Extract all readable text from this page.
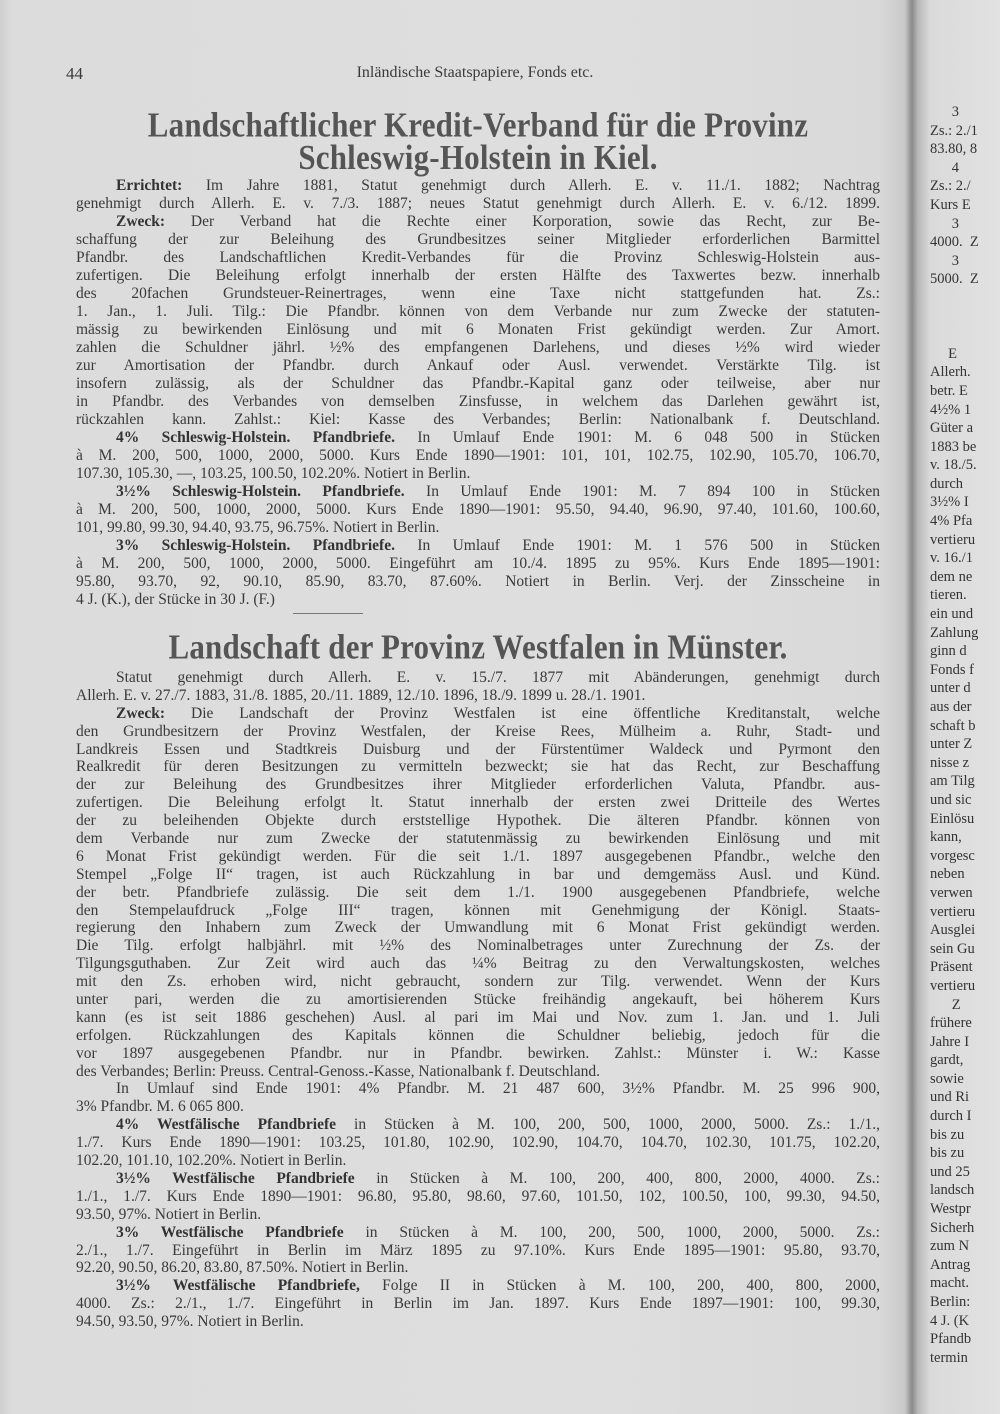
44	Inländische Staatspapiere, Fonds etc.
Landschaftlicher Kredit-Verband für die Provinz
Schleswig-Holstein in Kiel.
Errichtet: Im Jahre 1881, Statut genehmigt durch Allerh. E. v. 11./1. 1882; Nachtrag
genehmigt durch Allerh. E. v. 7./3. 1887; neues Statut genehmigt durch Allerh. E. v. 6./12. 1899.
Zweck: Der Verband hat die Rechte einer Korporation, sowie das Recht, zur Be-
schaffung der zur Beleihung des Grundbesitzes seiner Mitglieder erforderlichen Barmittel
Pfandbr. des Landschaftlichen Kredit-Verbandes für die Provinz Schleswig-Holstein aus-
zufertigen. Die Beleihung erfolgt innerhalb der ersten Hälfte des Taxwertes bezw. innerhalb
des 20fachen Grundsteuer-Reinertrages, wenn eine Taxe nicht stattgefunden hat. Zs.:
1. Jan., 1. Juli. Tilg.: Die Pfandbr. können von dem Verbande nur zum Zwecke der statuten-
mässig zu bewirkenden Einlösung und mit 6 Monaten Frist gekündigt werden. Zur Amort.
zahlen die Schuldner jährl. ½% des empfangenen Darlehens, und dieses ½% wird wieder
zur Amortisation der Pfandbr. durch Ankauf oder Ausl. verwendet. Verstärkte Tilg. ist
insofern zulässig, als der Schuldner das Pfandbr.-Kapital ganz oder teilweise, aber nur
in Pfandbr. des Verbandes von demselben Zinsfusse, in welchem das Darlehen gewährt ist,
rückzahlen kann. Zahlst.: Kiel: Kasse des Verbandes; Berlin: Nationalbank f. Deutschland.
4% Schleswig-Holstein. Pfandbriefe. In Umlauf Ende 1901: M. 6 048 500 in Stücken
à M. 200, 500, 1000, 2000, 5000. Kurs Ende 1890—1901: 101, 101, 102.75, 102.90, 105.70, 106.70,
107.30, 105.30, —, 103.25, 100.50, 102.20%. Notiert in Berlin.
3½% Schleswig-Holstein. Pfandbriefe. In Umlauf Ende 1901: M. 7 894 100 in Stücken
à M. 200, 500, 1000, 2000, 5000. Kurs Ende 1890—1901: 95.50, 94.40, 96.90, 97.40, 101.60, 100.60,
101, 99.80, 99.30, 94.40, 93.75, 96.75%. Notiert in Berlin.
3% Schleswig-Holstein. Pfandbriefe. In Umlauf Ende 1901: M. 1 576 500 in Stücken
à M. 200, 500, 1000, 2000, 5000. Eingeführt am 10./4. 1895 zu 95%. Kurs Ende 1895—1901:
95.80, 93.70, 92, 90.10, 85.90, 83.70, 87.60%. Notiert in Berlin. Verj. der Zinsscheine in
4 J. (K.), der Stücke in 30 J. (F.)
Landschaft der Provinz Westfalen in Münster.
Statut genehmigt durch Allerh. E. v. 15./7. 1877 mit Abänderungen, genehmigt durch
Allerh. E. v. 27./7. 1883, 31./8. 1885, 20./11. 1889, 12./10. 1896, 18./9. 1899 u. 28./1. 1901.
Zweck: Die Landschaft der Provinz Westfalen ist eine öffentliche Kreditanstalt, welche
den Grundbesitzern der Provinz Westfalen, der Kreise Rees, Mülheim a. Ruhr, Stadt- und
Landkreis Essen und Stadtkreis Duisburg und der Fürstentümer Waldeck und Pyrmont den
Realkredit für deren Besitzungen zu vermitteln bezweckt; sie hat das Recht, zur Beschaffung
der zur Beleihung des Grundbesitzes ihrer Mitglieder erforderlichen Valuta, Pfandbr. aus-
zufertigen. Die Beleihung erfolgt lt. Statut innerhalb der ersten zwei Dritteile des Wertes
der zu beleihenden Objekte durch erststellige Hypothek. Die älteren Pfandbr. können von
dem Verbande nur zum Zwecke der statutenmässig zu bewirkenden Einlösung und mit
6 Monat Frist gekündigt werden. Für die seit 1./1. 1897 ausgegebenen Pfandbr., welche den
Stempel „Folge II“ tragen, ist auch Rückzahlung in bar und demgemäss Ausl. und Künd.
der betr. Pfandbriefe zulässig. Die seit dem 1./1. 1900 ausgegebenen Pfandbriefe, welche
den Stempelaufdruck „Folge III“ tragen, können mit Genehmigung der Königl. Staats-
regierung den Inhabern zum Zweck der Umwandlung mit 6 Monat Frist gekündigt werden.
Die Tilg. erfolgt halbjährl. mit ½% des Nominalbetrages unter Zurechnung der Zs. der
Tilgungsguthaben. Zur Zeit wird auch das ¼% Beitrag zu den Verwaltungskosten, welches
mit den Zs. erhoben wird, nicht gebraucht, sondern zur Tilg. verwendet. Wenn der Kurs
unter pari, werden die zu amortisierenden Stücke freihändig angekauft, bei höherem Kurs
kann (es ist seit 1886 geschehen) Ausl. al pari im Mai und Nov. zum 1. Jan. und 1. Juli
erfolgen. Rückzahlungen des Kapitals können die Schuldner beliebig, jedoch für die
vor 1897 ausgegebenen Pfandbr. nur in Pfandbr. bewirken. Zahlst.: Münster i. W.: Kasse
des Verbandes; Berlin: Preuss. Central-Genoss.-Kasse, Nationalbank f. Deutschland.
In Umlauf sind Ende 1901: 4% Pfandbr. M. 21 487 600, 3½% Pfandbr. M. 25 996 900,
3% Pfandbr. M. 6 065 800.
4% Westfälische Pfandbriefe in Stücken à M. 100, 200, 500, 1000, 2000, 5000. Zs.: 1./1.,
1./7. Kurs Ende 1890—1901: 103.25, 101.80, 102.90, 102.90, 104.70, 104.70, 102.30, 101.75, 102.20,
102.20, 101.10, 102.20%. Notiert in Berlin.
3½% Westfälische Pfandbriefe in Stücken à M. 100, 200, 400, 800, 2000, 4000. Zs.:
1./1., 1./7. Kurs Ende 1890—1901: 96.80, 95.80, 98.60, 97.60, 101.50, 102, 100.50, 100, 99.30, 94.50,
93.50, 97%. Notiert in Berlin.
3% Westfälische Pfandbriefe in Stücken à M. 100, 200, 500, 1000, 2000, 5000. Zs.:
2./1., 1./7. Eingeführt in Berlin im März 1895 zu 97.10%. Kurs Ende 1895—1901: 95.80, 93.70,
92.20, 90.50, 86.20, 83.80, 87.50%. Notiert in Berlin.
3½% Westfälische Pfandbriefe, Folge II in Stücken à M. 100, 200, 400, 800, 2000,
4000. Zs.: 2./1., 1./7. Eingeführt in Berlin im Jan. 1897. Kurs Ende 1897—1901: 100, 99.30,
94.50, 93.50, 97%. Notiert in Berlin.
3
Zs.: 2./1
83.80, 8
4
Zs.: 2./
Kurs E
3
4000.  Z
3
5000.  Z
E
Allerh.
betr. E
4½% 1
Güter a
1883 be
v. 18./5.
durch
3½% I
4% Pfa
vertieru
v. 16./1
dem ne
tieren.
ein und
Zahlung
ginn d
Fonds f
unter d
aus der
schaft b
unter Z
nisse z
am Tilg
und sic
Einlösu
kann,
vorgesc
neben
verwen
vertieru
Ausglei
sein Gu
Präsent
vertieru
Z
frühere
Jahre I
gardt,
sowie
und Ri
durch I
bis zu
bis zu
und 25
landsch
Westpr
Sicherh
zum N
Antrag
macht.
Berlin:
4 J. (K
Pfandb
termin
